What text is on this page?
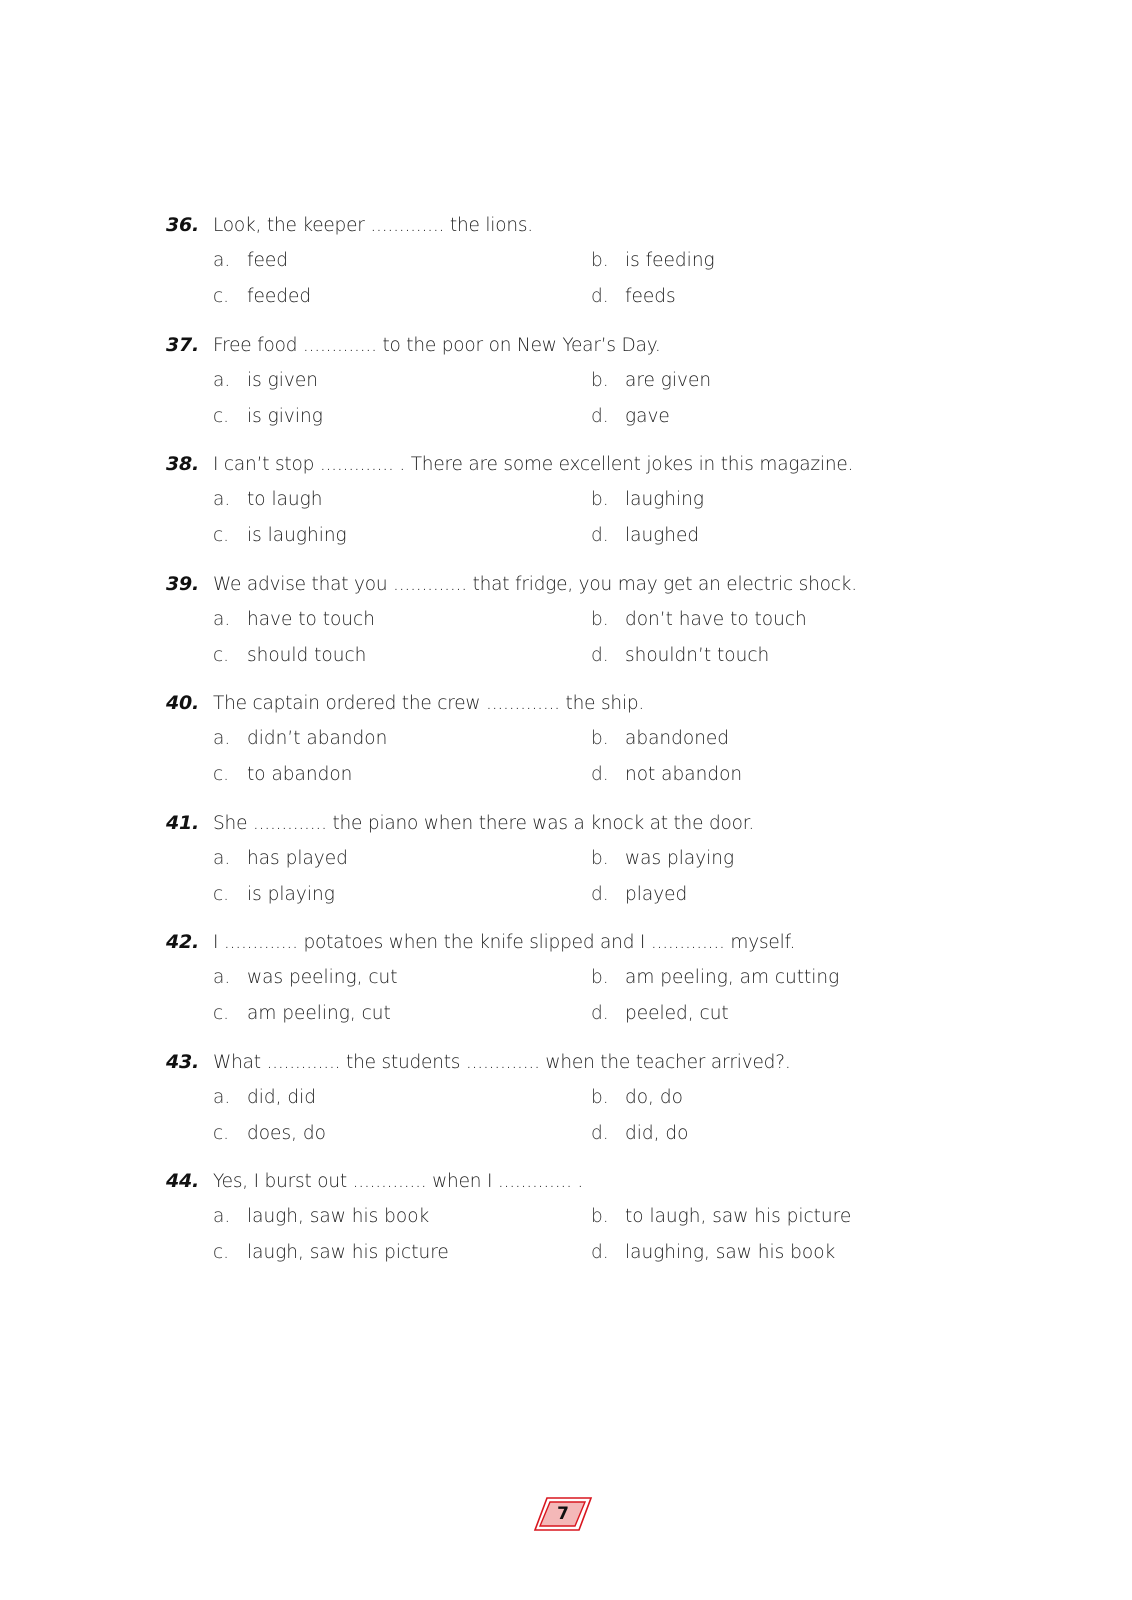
36. Look, the keeper ............. the lions.
a. feed	b. is feeding
c. feeded	d. feeds
37. Free food ............. to the poor on New Year’s Day.
a. is given	b. are given
c. is giving	d. gave
38. I can’t stop ............. . There are some excellent jokes in this magazine.
a. to laugh	b. laughing
c. is laughing	d. laughed
39. We advise that you ............. that fridge, you may get an electric shock.
a. have to touch	b. don’t have to touch
c. should touch	d. shouldn’t touch
40. The captain ordered the crew ............. the ship.
a. didn’t abandon	b. abandoned
c. to abandon	d. not abandon
41. She ............. the piano when there was a knock at the door.
a. has played	b. was playing
c. is playing	d. played
42. I ............. potatoes when the knife slipped and I ............. myself.
a. was peeling, cut	b. am peeling, am cutting
c. am peeling, cut	d. peeled, cut
43. What ............. the students ............. when the teacher arrived?.
a. did, did	b. do, do
c. does, do	d. did, do
44. Yes, I burst out ............. when I ............. .
a. laugh, saw his book	b. to laugh, saw his picture
c. laugh, saw his picture	d. laughing, saw his book
7
